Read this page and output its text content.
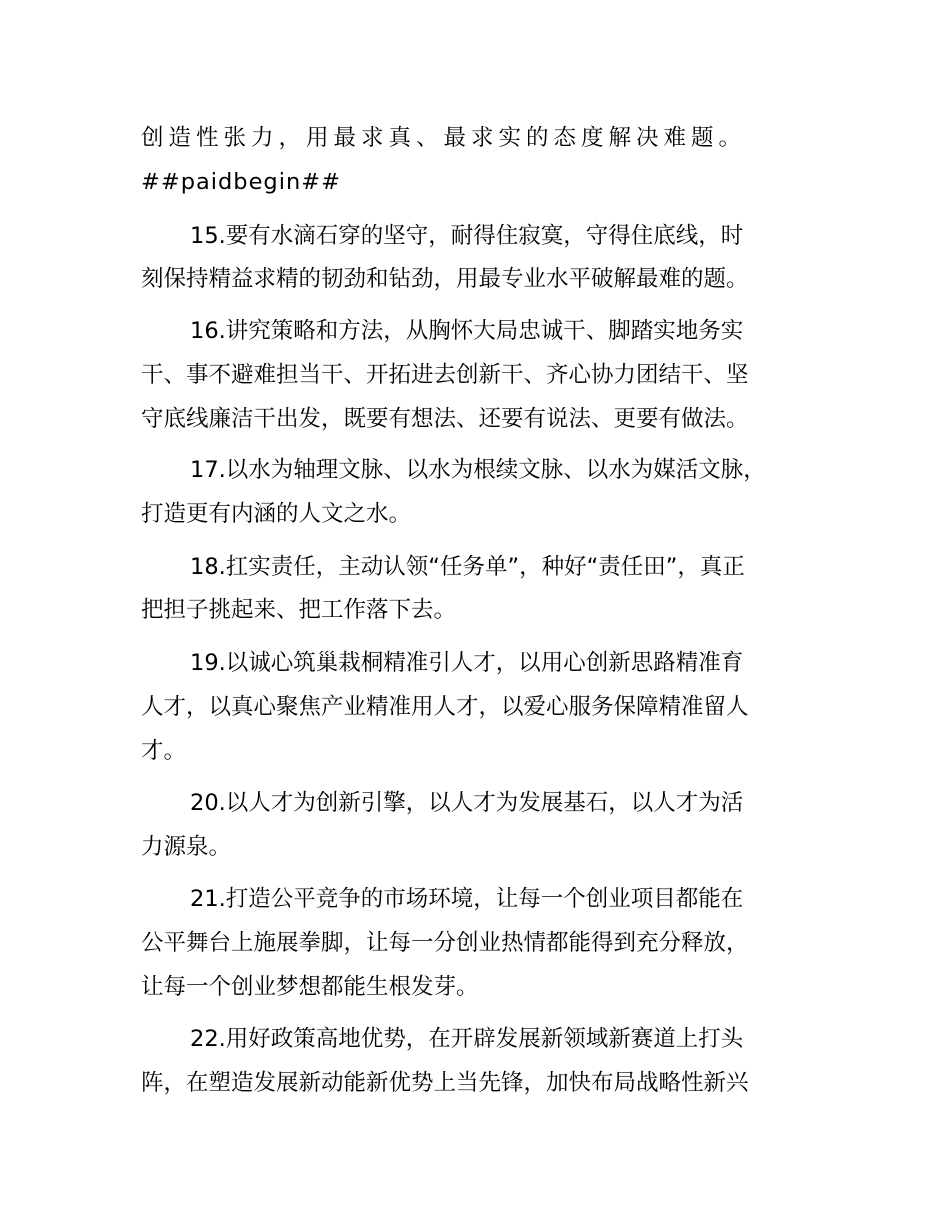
创造性张力，用最求真、最求实的态度解决难题。

##paidbegin##

15.要有水滴石穿的坚守，耐得住寂寞，守得住底线，时

刻保持精益求精的韧劲和钻劲，用最专业水平破解最难的题。

16.讲究策略和方法，从胸怀大局忠诚干、脚踏实地务实

干、事不避难担当干、开拓进去创新干、齐心协力团结干、坚

守底线廉洁干出发，既要有想法、还要有说法、更要有做法。

17.以水为轴理文脉、以水为根续文脉、以水为媒活文脉，

打造更有内涵的人文之水。

18.扛实责任，主动认领“任务单”，种好“责任田”，真正

把担子挑起来、把工作落下去。

19.以诚心筑巢栽桐精准引人才，以用心创新思路精准育

人才，以真心聚焦产业精准用人才，以爱心服务保障精准留人

才。

20.以人才为创新引擎，以人才为发展基石，以人才为活

力源泉。

21.打造公平竞争的市场环境，让每一个创业项目都能在

公平舞台上施展拳脚，让每一分创业热情都能得到充分释放，

让每一个创业梦想都能生根发芽。

22.用好政策高地优势，在开辟发展新领域新赛道上打头

阵，在塑造发展新动能新优势上当先锋，加快布局战略性新兴
